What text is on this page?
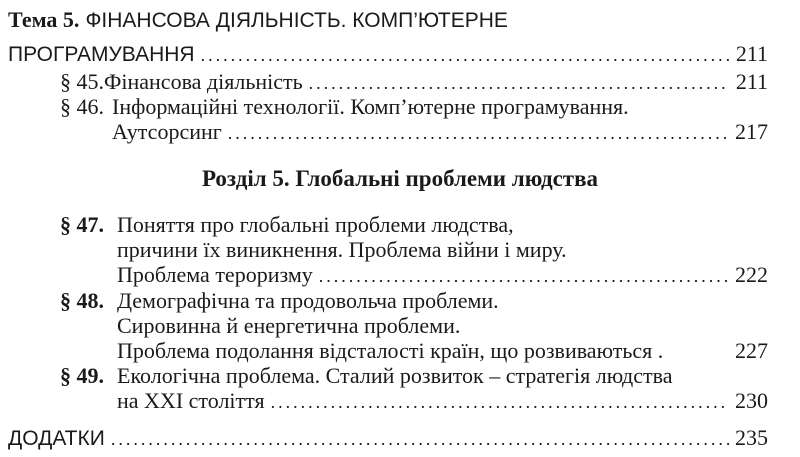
Тема 5. ФІНАНСОВА ДІЯЛЬНІСТЬ. КОМП’ЮТЕРНЕ
ПРОГРАМУВАННЯ .....	211
§ 45. Фінансова діяльність .....	211
§ 46. Інформаційні технології. Комп’ютерне програмування.
Аутсорсинг .....	217
Розділ 5. Глобальні проблеми людства
§ 47. Поняття про глобальні проблеми людства,
причини їх виникнення. Проблема війни і миру.
Проблема тероризму .....	222
§ 48. Демографічна та продовольча проблеми.
Сировинна й енергетична проблеми.
Проблема подолання відсталості країн, що розвиваються .	227
§ 49. Екологічна проблема. Сталий розвиток – стратегія людства
на XXI століття .....	230
ДОДАТКИ .....	235
